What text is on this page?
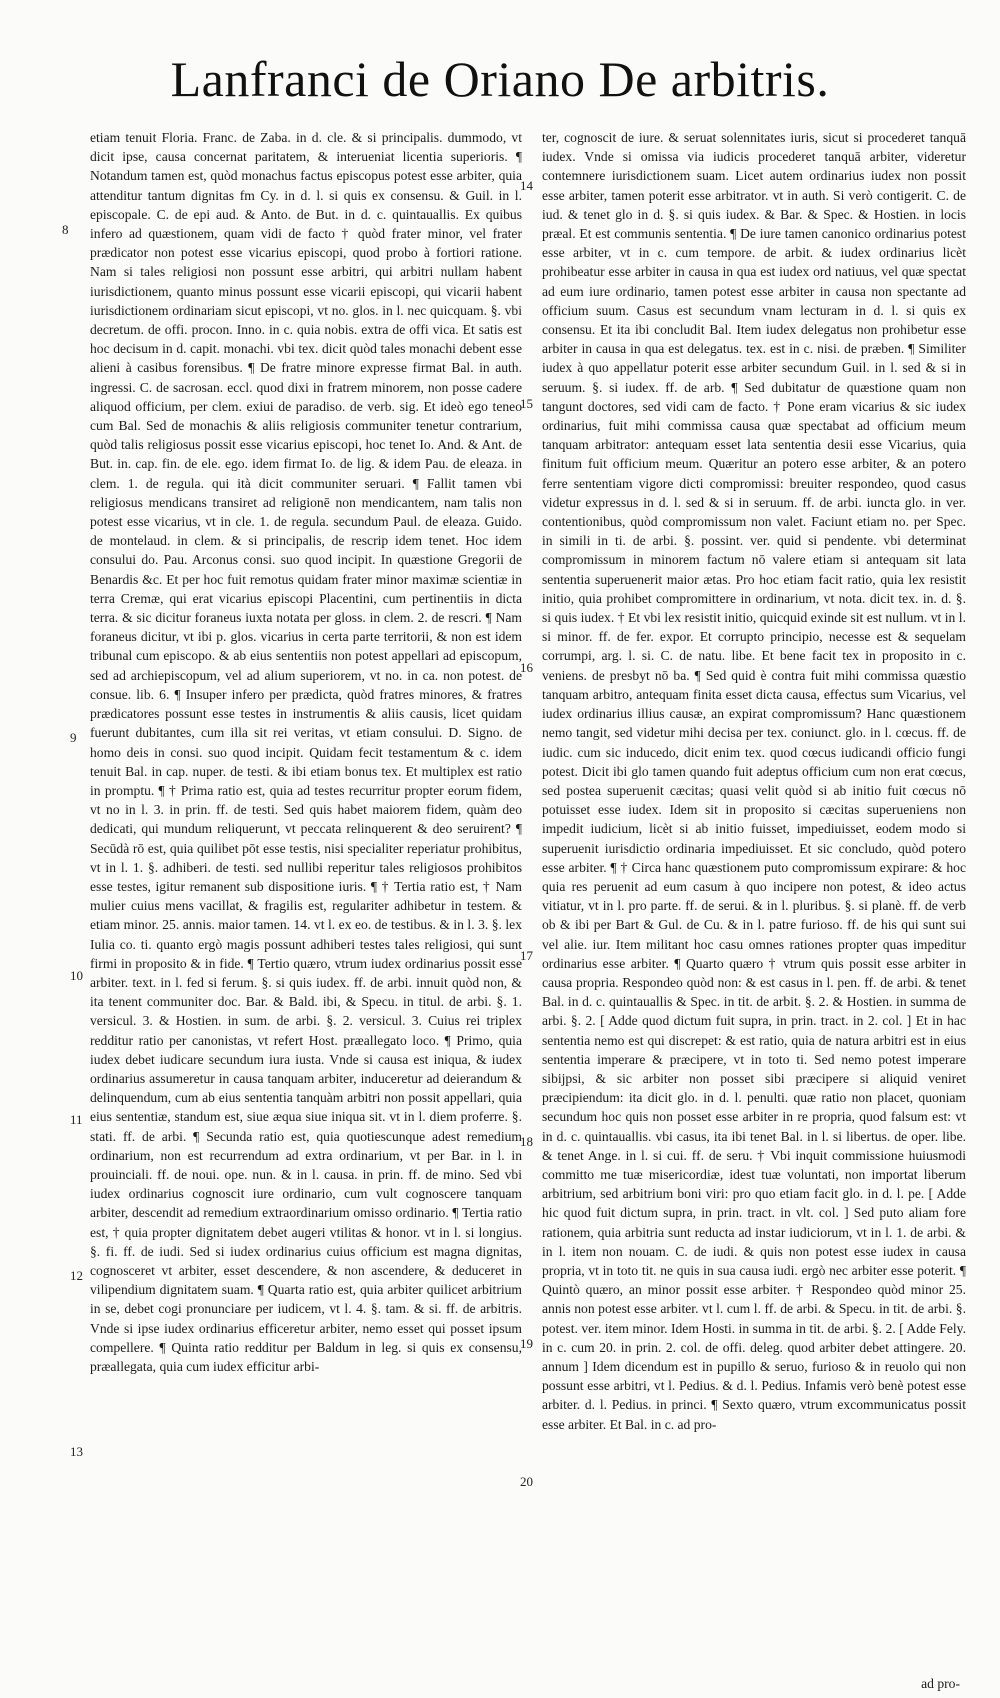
Lanfranci de Oriano De arbitris.
8
9
10
11
12
13
14
15
16
17
18
19
20

etiam tenuit Floria. Franc. de Zaba. in d. cle. & si principalis. dummodo, vt dicit ipse, causa concernat paritatem, & interueniat licentia superioris. ¶ Notandum tamen est, quòd monachus factus episcopus potest esse arbiter, quia attenditur tantum dignitas fm Cy. in d. l. si quis ex consensu. & Guil. in l. episcopale. C. de epi aud. & Anto. de But. in d. c. quintauallis. Ex quibus infero ad quæstionem, quam vidi de facto † quòd frater minor, vel frater prædicator non potest esse vicarius episcopi, quod probo à fortiori ratione. Nam si tales religiosi non possunt esse arbitri, qui arbitri nullam habent iurisdictionem, quanto minus possunt esse vicarii episcopi, qui vicarii habent iurisdictionem ordinariam sicut episcopi, vt no. glos. in l. nec quicquam. §. vbi decretum. de offi. procon. Inno. in c. quia nobis. extra de offi vica. Et satis est hoc decisum in d. capit. monachi. vbi tex. dicit quòd tales monachi debent esse alieni à casibus forensibus. ¶ De fratre minore expresse firmat Bal. in auth. ingressi. C. de sacrosan. eccl. quod dixi in fratrem minorem, non posse cadere aliquod officium, per clem. exiui de paradiso. de verb. sig. Et ideò ego teneo cum Bal. Sed de monachis & aliis religiosis communiter tenetur contrarium, quòd talis religiosus possit esse vicarius episcopi, hoc tenet Io. And. & Ant. de But. in. cap. fin. de ele. ego. idem firmat Io. de lig. & idem Pau. de eleaza. in clem. 1. de regula. qui ità dicit communiter seruari. ¶ Fallit tamen vbi religiosus mendicans transiret ad religionē non mendicantem, nam talis non potest esse vicarius, vt in cle. 1. de regula. secundum Paul. de eleaza. Guido. de montelaud. in clem. & si principalis, de rescrip idem tenet. Hoc idem consului do. Pau. Arconus consi. suo quod incipit. In quæstione Gregorii de Benardis &c. Et per hoc fuit remotus quidam frater minor maximæ scientiæ in terra Cremæ, qui erat vicarius episcopi Placentini, cum pertinentiis in dicta terra. & sic dicitur foraneus iuxta notata per gloss. in clem. 2. de rescri. ¶ Nam foraneus dicitur, vt ibi p. glos. vicarius in certa parte territorii, & non est idem tribunal cum episcopo. & ab eius sententiis non potest appellari ad episcopum, sed ad archiepiscopum, vel ad alium superiorem, vt no. in ca. non potest. de consue. lib. 6. ¶ Insuper infero per prædicta, quòd fratres minores, & fratres prædicatores possunt esse testes in instrumentis & aliis causis, licet quidam fuerunt dubitantes, cum illa sit rei veritas, vt etiam consului. D. Signo. de homo deis in consi. suo quod incipit. Quidam fecit testamentum & c. idem tenuit Bal. in cap. nuper. de testi. & ibi etiam bonus tex. Et multiplex est ratio in promptu. ¶ † Prima ratio est, quia ad testes recurritur propter eorum fidem, vt no in l. 3. in prin. ff. de testi. Sed quis habet maiorem fidem, quàm deo dedicati, qui mundum reliquerunt, vt peccata relinquerent & deo seruirent? ¶ Secūdà rō est, quia quilibet pōt esse testis, nisi specialiter reperiatur prohibitus, vt in l. 1. §. adhiberi. de testi. sed nullibi reperitur tales religiosos prohibitos esse testes, igitur remanent sub dispositione iuris. ¶ † Tertia ratio est, † Nam mulier cuius mens vacillat, & fragilis est, regulariter adhibetur in testem. & etiam minor. 25. annis. maior tamen. 14. vt l. ex eo. de testibus. & in l. 3. §. lex Iulia co. ti. quanto ergò magis possunt adhiberi testes tales religiosi, qui sunt firmi in proposito & in fide. ¶ Tertio quæro, vtrum iudex ordinarius possit esse arbiter. text. in l. fed si ferum. §. si quis iudex. ff. de arbi. innuit quòd non, & ita tenent communiter doc. Bar. & Bald. ibi, & Specu. in titul. de arbi. §. 1. versicul. 3. & Hostien. in sum. de arbi. §. 2. versicul. 3. Cuius rei triplex redditur ratio per canonistas, vt refert Host. præallegato loco. ¶ Primo, quia iudex debet iudicare secundum iura iusta. Vnde si causa est iniqua, & iudex ordinarius assumeretur in causa tanquam arbiter, induceretur ad deierandum & delinquendum, cum ab eius sententia tanquàm arbitri non possit appellari, quia eius sententiæ, standum est, siue æqua siue iniqua sit. vt in l. diem proferre. §. stati. ff. de arbi. ¶ Secunda ratio est, quia quotiescunque adest remedium ordinarium, non est recurrendum ad extra ordinarium, vt per Bar. in l. in prouinciali. ff. de noui. ope. nun. & in l. causa. in prin. ff. de mino. Sed vbi iudex ordinarius cognoscit iure ordinario, cum vult cognoscere tanquam arbiter, descendit ad remedium extraordinarium omisso ordinario. ¶ Tertia ratio est, † quia propter dignitatem debet augeri vtilitas & honor. vt in l. si longius. §. fi. ff. de iudi. Sed si iudex ordinarius cuius officium est magna dignitas, cognosceret vt arbiter, esset descendere, & non ascendere, & deduceret in vilipendium dignitatem suam. ¶ Quarta ratio est, quia arbiter quilicet arbitrium in se, debet cogi pronunciare per iudicem, vt l. 4. §. tam. & si. ff. de arbitris. Vnde si ipse iudex ordinarius efficeretur arbiter, nemo esset qui posset ipsum compellere. ¶ Quinta ratio redditur per Baldum in leg. si quis ex consensu, præallegata, quia cum iudex efficitur arbi-

ter, cognoscit de iure. & seruat solennitates iuris, sicut si procederet tanquā iudex. Vnde si omissa via iudicis procederet tanquā arbiter, videretur contemnere iurisdictionem suam. Licet autem ordinarius iudex non possit esse arbiter, tamen poterit esse arbitrator. vt in auth. Si verò contigerit. C. de iud. & tenet glo in d. §. si quis iudex. & Bar. & Spec. & Hostien. in locis præal. Et est communis sententia. ¶ De iure tamen canonico ordinarius potest esse arbiter, vt in c. cum tempore. de arbit. & iudex ordinarius licèt prohibeatur esse arbiter in causa in qua est iudex ord natiuus, vel quæ spectat ad eum iure ordinario, tamen potest esse arbiter in causa non spectante ad officium suum. Casus est secundum vnam lecturam in d. l. si quis ex consensu. Et ita ibi concludit Bal. Item iudex delegatus non prohibetur esse arbiter in causa in qua est delegatus. tex. est in c. nisi. de præben. ¶ Similiter iudex à quo appellatur poterit esse arbiter secundum Guil. in l. sed & si in seruum. §. si iudex. ff. de arb. ¶ Sed dubitatur de quæstione quam non tangunt doctores, sed vidi cam de facto. † Pone eram vicarius & sic iudex ordinarius, fuit mihi commissa causa quæ spectabat ad officium meum tanquam arbitrator: antequam esset lata sententia desii esse Vicarius, quia finitum fuit officium meum. Quæritur an potero esse arbiter, & an potero ferre sententiam vigore dicti compromissi: breuiter respondeo, quod casus videtur expressus in d. l. sed & si in seruum. ff. de arbi. iuncta glo. in ver. contentionibus, quòd compromissum non valet. Faciunt etiam no. per Spec. in simili in ti. de arbi. §. possint. ver. quid si pendente. vbi determinat compromissum in minorem factum nō valere etiam si antequam sit lata sententia superuenerit maior ætas. Pro hoc etiam facit ratio, quia lex resistit initio, quia prohibet compromittere in ordinarium, vt nota. dicit tex. in. d. §. si quis iudex. † Et vbi lex resistit initio, quicquid exinde sit est nullum. vt in l. si minor. ff. de fer. expor. Et corrupto principio, necesse est & sequelam corrumpi, arg. l. si. C. de natu. libe. Et bene facit tex in proposito in c. veniens. de presbyt nō ba. ¶ Sed quid è contra fuit mihi commissa quæstio tanquam arbitro, antequam finita esset dicta causa, effectus sum Vicarius, vel iudex ordinarius illius causæ, an expirat compromissum? Hanc quæstionem nemo tangit, sed videtur mihi decisa per tex. coniunct. glo. in l. cœcus. ff. de iudic. cum sic inducedo, dicit enim tex. quod cœcus iudicandi officio fungi potest. Dicit ibi glo tamen quando fuit adeptus officium cum non erat cœcus, sed postea superuenit cæcitas; quasi velit quòd si ab initio fuit cœcus nō potuisset esse iudex. Idem sit in proposito si cæcitas superueniens non impedit iudicium, licèt si ab initio fuisset, impediuisset, eodem modo si superuenit iurisdictio ordinaria impediuisset. Et sic concludo, quòd potero esse arbiter. ¶ † Circa hanc quæstionem puto compromissum expirare: & hoc quia res peruenit ad eum casum à quo incipere non potest, & ideo actus vitiatur, vt in l. pro parte. ff. de serui. & in l. pluribus. §. si planè. ff. de verb ob & ibi per Bart & Gul. de Cu. & in l. patre furioso. ff. de his qui sunt sui vel alie. iur. Item militant hoc casu omnes rationes propter quas impeditur ordinarius esse arbiter. ¶ Quarto quæro † vtrum quis possit esse arbiter in causa propria. Respondeo quòd non: & est casus in l. pen. ff. de arbi. & tenet Bal. in d. c. quintauallis & Spec. in tit. de arbit. §. 2. & Hostien. in summa de arbi. §. 2. [ Adde quod dictum fuit supra, in prin. tract. in 2. col. ] Et in hac sententia nemo est qui discrepet: & est ratio, quia de natura arbitri est in eius sententia imperare & præcipere, vt in toto ti. Sed nemo potest imperare sibijpsi, & sic arbiter non posset sibi præcipere si aliquid veniret præcipiendum: ita dicit glo. in d. l. penulti. quæ ratio non placet, quoniam secundum hoc quis non posset esse arbiter in re propria, quod falsum est: vt in d. c. quintauallis. vbi casus, ita ibi tenet Bal. in l. si libertus. de oper. libe. & tenet Ange. in l. si cui. ff. de seru. † Vbi inquit commissione huiusmodi committo me tuæ misericordiæ, idest tuæ voluntati, non importat liberum arbitrium, sed arbitrium boni viri: pro quo etiam facit glo. in d. l. pe. [ Adde hic quod fuit dictum supra, in prin. tract. in vlt. col. ] Sed puto aliam fore rationem, quia arbitria sunt reducta ad instar iudiciorum, vt in l. 1. de arbi. & in l. item non nouam. C. de iudi. & quis non potest esse iudex in causa propria, vt in toto tit. ne quis in sua causa iudi. ergò nec arbiter esse poterit. ¶ Quintò quæro, an minor possit esse arbiter. † Respondeo quòd minor 25. annis non potest esse arbiter. vt l. cum l. ff. de arbi. & Specu. in tit. de arbi. §. potest. ver. item minor. Idem Hosti. in summa in tit. de arbi. §. 2. [ Adde Fely. in c. cum 20. in prin. 2. col. de offi. deleg. quod arbiter debet attingere. 20. annum ] Idem dicendum est in pupillo & seruo, furioso & in reuolo qui non possunt esse arbitri, vt l. Pedius. & d. l. Pedius. Infamis verò benè potest esse arbiter. d. l. Pedius. in princi. ¶ Sexto quæro, vtrum excommunicatus possit esse arbiter. Et Bal. in c. ad pro-

ad pro-
